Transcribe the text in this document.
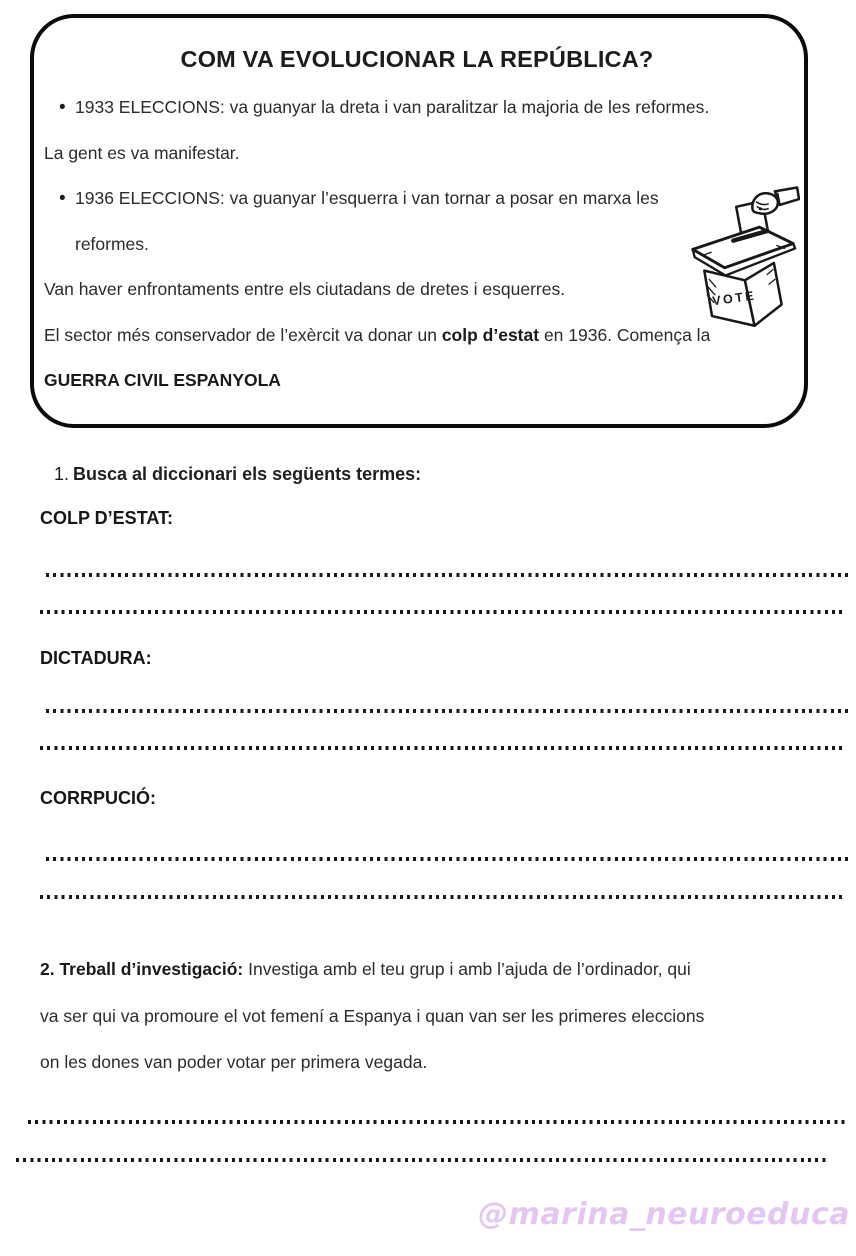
COM VA EVOLUCIONAR LA REPÚBLICA?
• 1933 ELECCIONS: va guanyar la dreta i van paralitzar la majoria de les reformes.
La gent es va manifestar.
• 1936 ELECCIONS: va guanyar l’esquerra i van tornar a posar en marxa les
reformes.
Van haver enfrontaments entre els ciutadans de dretes i esquerres.
El sector més conservador de l’exèrcit va donar un colp d’estat en 1936. Comença la
GUERRA CIVIL ESPANYOLA
VOTE
1. Busca al diccionari els següents termes:
COLP D’ESTAT:
DICTADURA:
CORRPUCIÓ:
2. Treball d’investigació: Investiga amb el teu grup i amb l’ajuda de l’ordinador, qui
va ser qui va promoure el vot femení a Espanya i quan van ser les primeres eleccions
on les dones van poder votar per primera vegada.
@marina_neuroeduca
